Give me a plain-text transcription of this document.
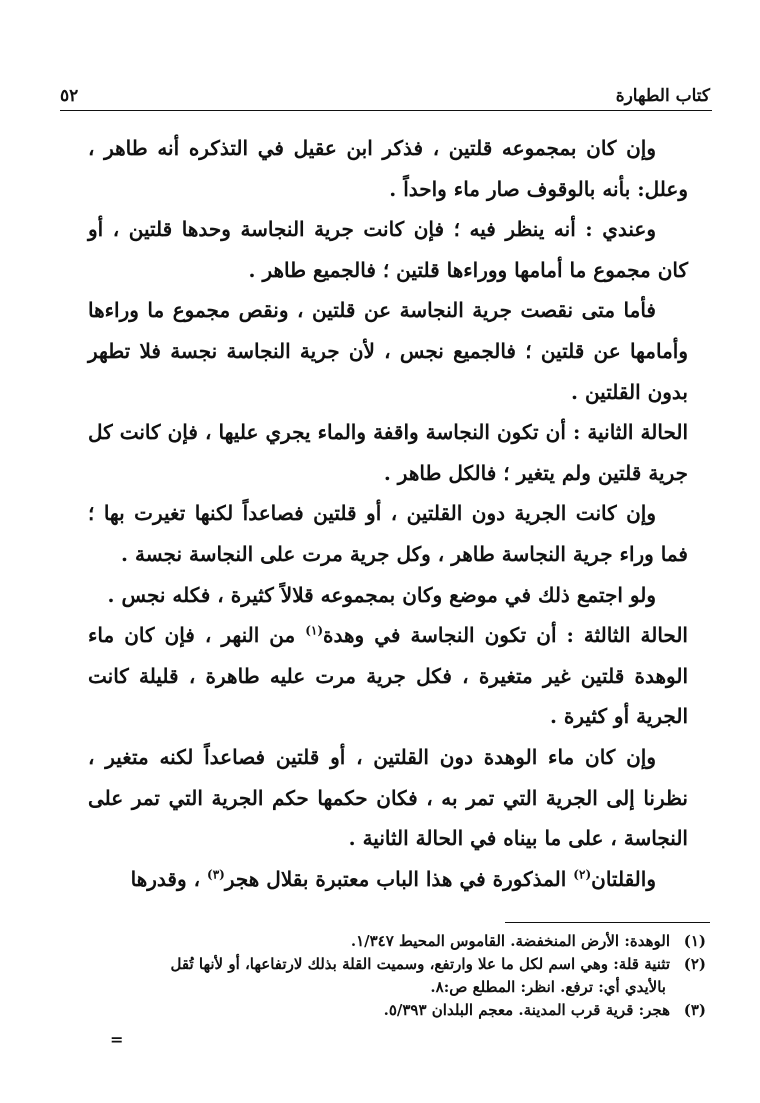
كتاب الطهارة
٥٢

وإن كان بمجموعه قلتين ، فذكر ابن عقيل في التذكره أنه طاهر ، وعلل: بأنه بالوقوف صار ماء واحداً .

وعندي : أنه ينظر فيه ؛ فإن كانت جرية النجاسة وحدها قلتين ، أو كان مجموع ما أمامها ووراءها قلتين ؛ فالجميع طاهر .

فأما متى نقصت جرية النجاسة عن قلتين ، ونقص مجموع ما وراءها وأمامها عن قلتين ؛ فالجميع نجس ، لأن جرية النجاسة نجسة فلا تطهر بدون القلتين .

الحالة الثانية : أن تكون النجاسة واقفة والماء يجري عليها ، فإن كانت كل جرية قلتين ولم يتغير ؛ فالكل طاهر .

وإن كانت الجرية دون القلتين ، أو قلتين فصاعداً لكنها تغيرت بها ؛ فما وراء جرية النجاسة طاهر ، وكل جرية مرت على النجاسة نجسة .

ولو اجتمع ذلك في موضع وكان بمجموعه قلالاً كثيرة ، فكله نجس .

الحالة الثالثة : أن تكون النجاسة في وهدة$^{(١)}$ من النهر ، فإن كان ماء الوهدة قلتين غير متغيرة ، فكل جرية مرت عليه طاهرة ، قليلة كانت الجرية أو كثيرة .

وإن كان ماء الوهدة دون القلتين ، أو قلتين فصاعداً لكنه متغير ، نظرنا إلى الجرية التي تمر به ، فكان حكمها حكم الجرية التي تمر على النجاسة ، على ما بيناه في الحالة الثانية .

والقلتان$^{(٢)}$ المذكورة في هذا الباب معتبرة بقلال هجر$^{(٣)}$ ، وقدرها

(١)الوهدة: الأرض المنخفضة. القاموس المحيط ١/٣٤٧.

(٢)تثنية قلة: وهي اسم لكل ما علا وارتفع، وسميت القلة بذلك لارتفاعها، أو لأنها تُقل

بالأيدي أي: ترفع. انظر: المطلع ص:٨.

(٣)هجر: قرية قرب المدينة. معجم البلدان ٥/٣٩٣.

=
